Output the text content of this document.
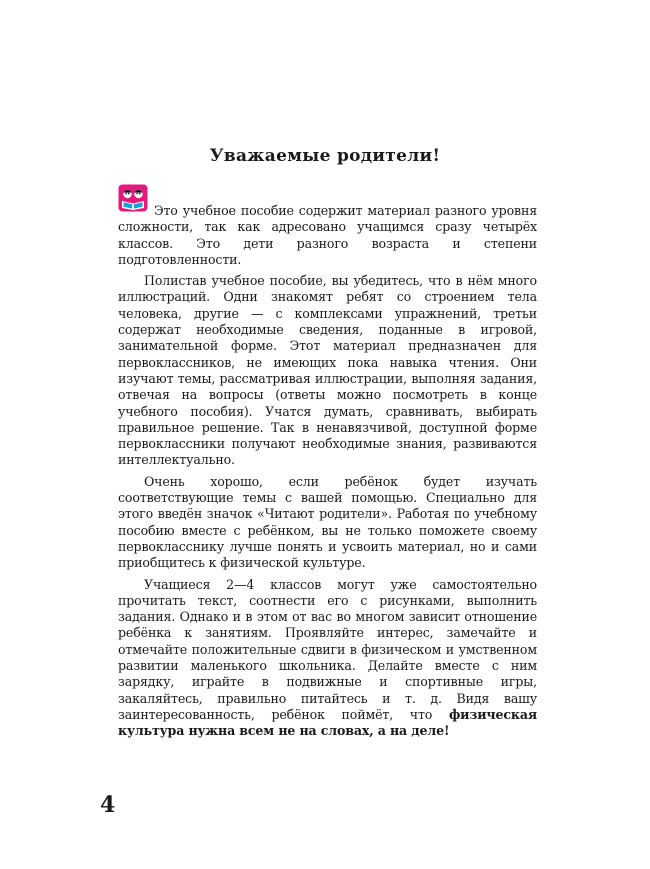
Уважаемые родители!

Это учебное пособие содержит материал разного уровня сложности, так как адресовано учащимся сразу четырёх классов. Это дети разного возраста и степени подготовленности.

Полистав учебное пособие, вы убедитесь, что в нём много иллюстраций. Одни знакомят ребят со строением тела человека, другие — с комплексами упражнений, третьи содержат необходимые сведения, поданные в игровой, занимательной форме. Этот материал предназначен для первоклассников, не имеющих пока навыка чтения. Они изучают темы, рассматривая иллюстрации, выполняя задания, отвечая на вопросы (ответы можно посмотреть в конце учебного пособия). Учатся думать, сравнивать, выбирать правильное решение. Так в ненавязчивой, доступной форме первоклассники получают необходимые знания, развиваются интеллектуально.

Очень хорошо, если ребёнок будет изучать соответствующие темы с вашей помощью. Специально для этого введён значок «Читают родители». Работая по учебному пособию вместе с ребёнком, вы не только поможете своему первокласснику лучше понять и усвоить материал, но и сами приобщитесь к физической культуре.

Учащиеся 2—4 классов могут уже самостоятельно прочитать текст, соотнести его с рисунками, выполнить задания. Однако и в этом от вас во многом зависит отношение ребёнка к занятиям. Проявляйте интерес, замечайте и отмечайте положительные сдвиги в физическом и умственном развитии маленького школьника. Делайте вместе с ним зарядку, играйте в подвижные и спортивные игры, закаляйтесь, правильно питайтесь и т. д. Видя вашу заинтересованность, ребёнок поймёт, что физическая культура нужна всем не на словах, а на деле!

4
